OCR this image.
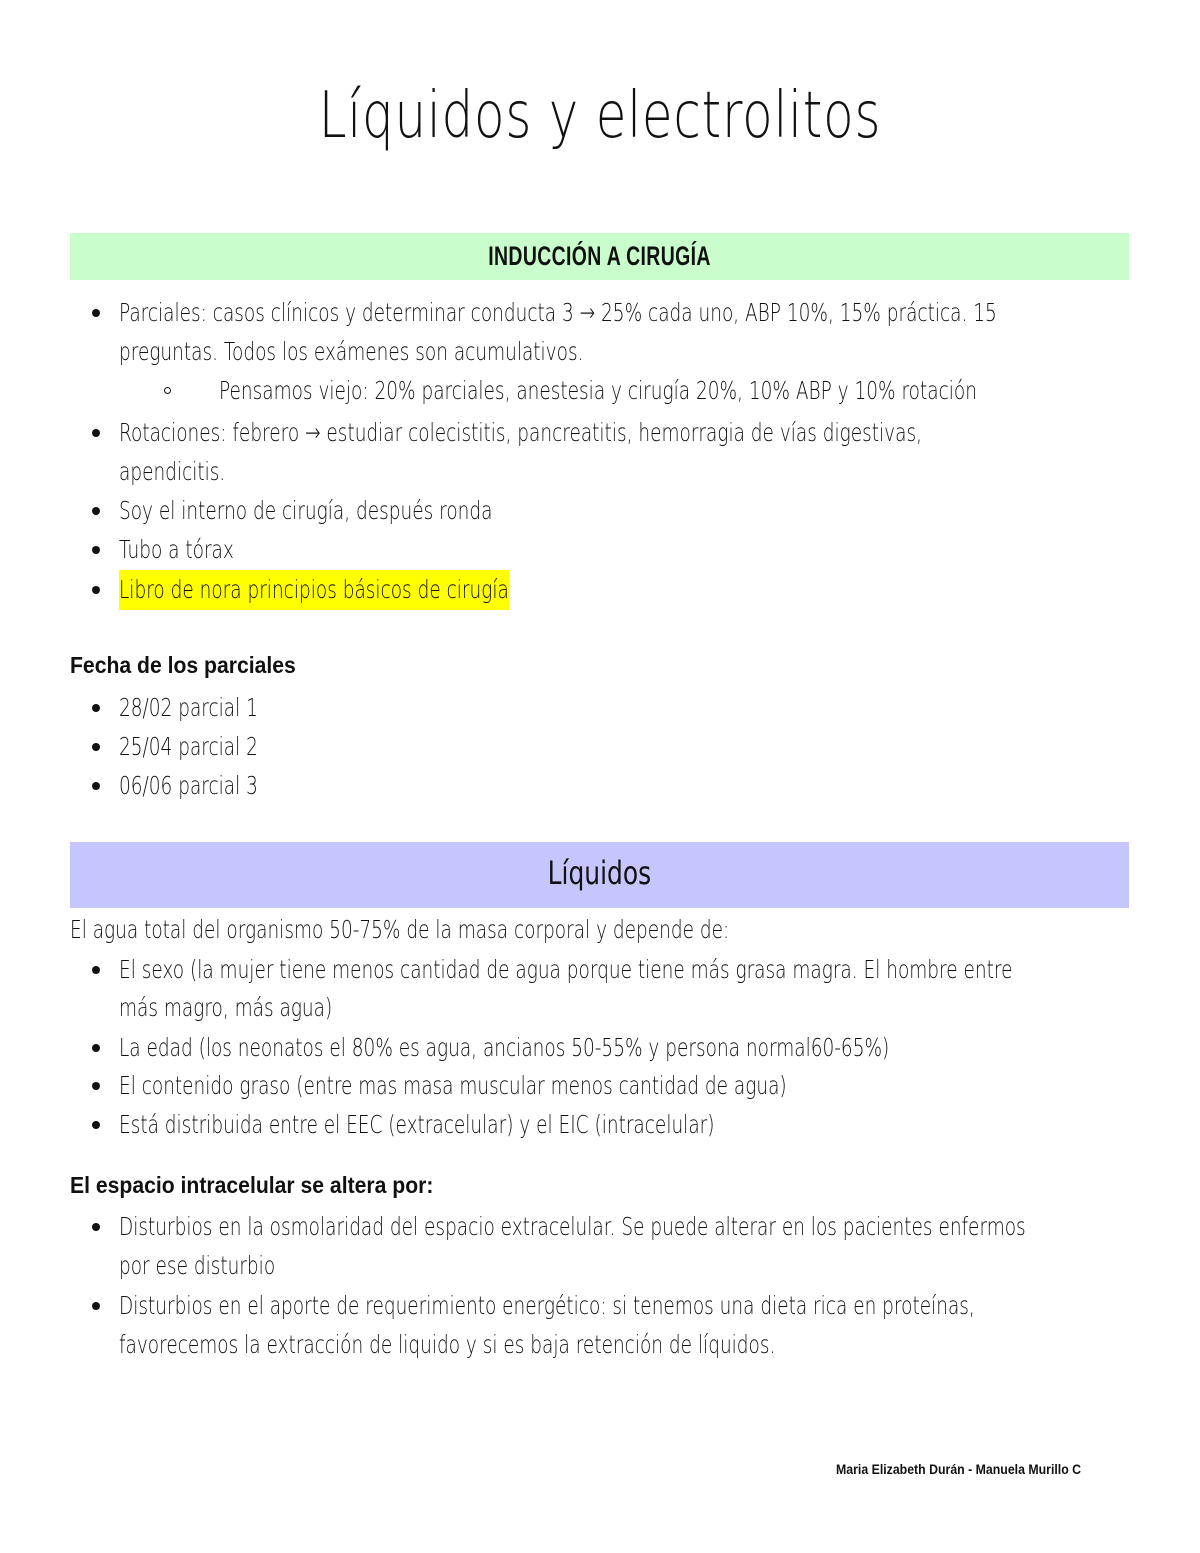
Líquidos y electrolitos
INDUCCIÓN A CIRUGÍA
Parciales: casos clínicos y determinar conducta 3 → 25% cada uno, ABP 10%, 15% práctica. 15
preguntas. Todos los exámenes son acumulativos.
Pensamos viejo: 20% parciales, anestesia y cirugía 20%, 10% ABP y 10% rotación
Rotaciones: febrero → estudiar colecistitis, pancreatitis, hemorragia de vías digestivas,
apendicitis.
Soy el interno de cirugía, después ronda
Tubo a tórax
Libro de nora principios básicos de cirugía
Fecha de los parciales
28/02 parcial 1
25/04 parcial 2
06/06 parcial 3
Líquidos
El agua total del organismo 50-75% de la masa corporal y depende de:
El sexo (la mujer tiene menos cantidad de agua porque tiene más grasa magra. El hombre entre
más magro, más agua)
La edad (los neonatos el 80% es agua, ancianos 50-55% y persona normal60-65%)
El contenido graso (entre mas masa muscular menos cantidad de agua)
Está distribuida entre el EEC (extracelular) y el EIC (intracelular)
El espacio intracelular se altera por:
Disturbios en la osmolaridad del espacio extracelular. Se puede alterar en los pacientes enfermos
por ese disturbio
Disturbios en el aporte de requerimiento energético: si tenemos una dieta rica en proteínas,
favorecemos la extracción de liquido y si es baja retención de líquidos.
Maria Elizabeth Durán - Manuela Murillo C
